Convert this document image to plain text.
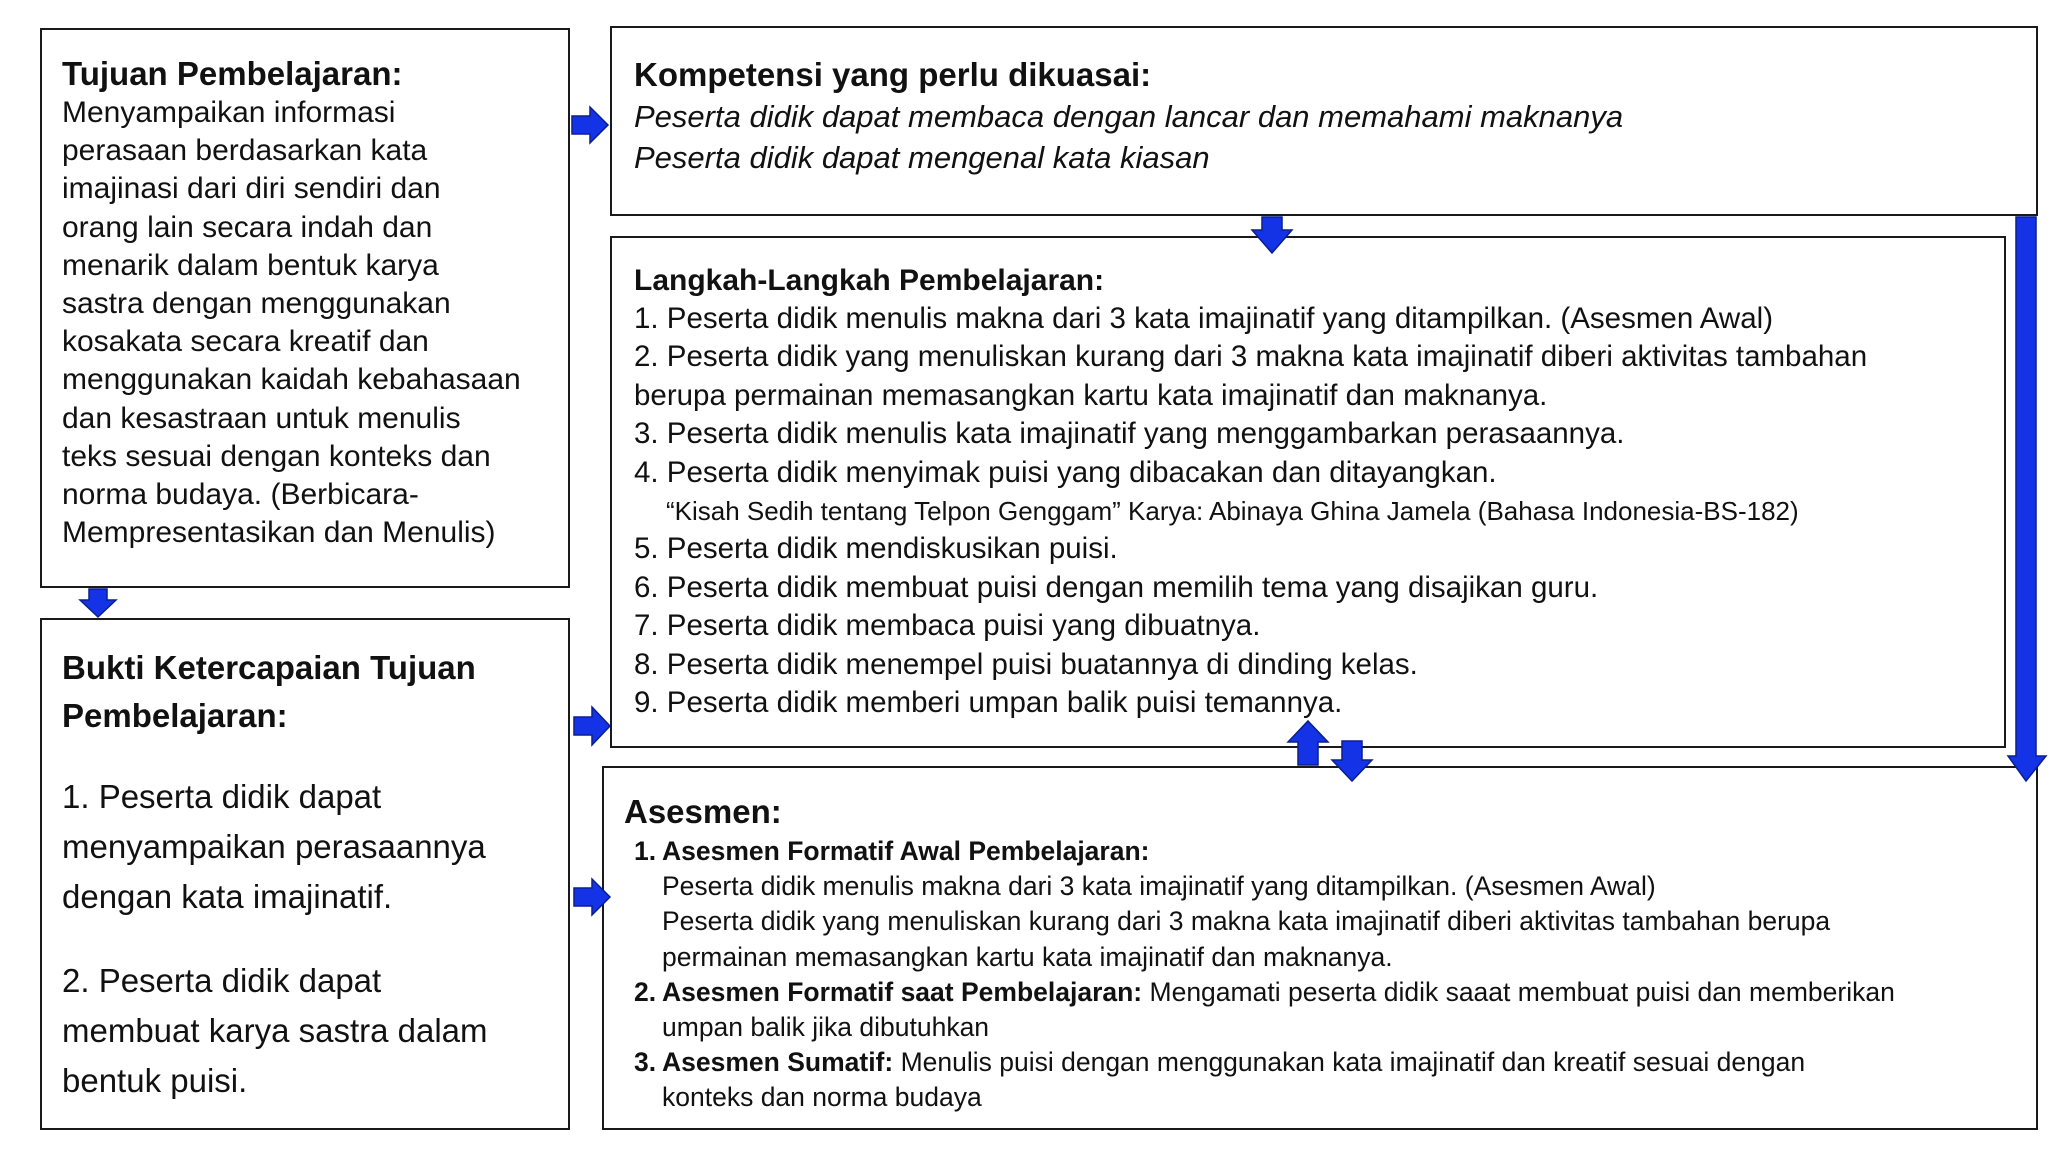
Tujuan Pembelajaran:

Menyampaikan informasi
perasaan berdasarkan kata
imajinasi dari diri sendiri dan
orang lain secara indah dan
menarik dalam bentuk karya
sastra dengan menggunakan
kosakata secara kreatif dan
menggunakan kaidah kebahasaan
dan kesastraan untuk menulis
teks sesuai dengan konteks dan
norma budaya. (Berbicara-
Mempresentasikan dan Menulis)

Bukti Ketercapaian Tujuan
Pembelajaran:

1. Peserta didik dapat
menyampaikan perasaannya
dengan kata imajinatif.

2. Peserta didik dapat
membuat karya sastra dalam
bentuk puisi.

Kompetensi yang perlu dikuasai:

Peserta didik dapat membaca dengan lancar dan memahami maknanya

Peserta didik dapat mengenal kata kiasan

Langkah-Langkah Pembelajaran:

1. Peserta didik menulis makna dari 3 kata imajinatif yang ditampilkan. (Asesmen Awal)
2. Peserta didik yang menuliskan kurang dari 3 makna kata imajinatif diberi aktivitas tambahan
berupa permainan memasangkan kartu kata imajinatif dan maknanya.
3. Peserta didik menulis kata imajinatif yang menggambarkan perasaannya.
4. Peserta didik menyimak puisi yang dibacakan dan ditayangkan.
“Kisah Sedih tentang Telpon Genggam” Karya: Abinaya Ghina Jamela (Bahasa Indonesia-BS-182)
5. Peserta didik mendiskusikan puisi.
6. Peserta didik membuat puisi dengan memilih tema yang disajikan guru.
7. Peserta didik membaca puisi yang dibuatnya.
8. Peserta didik menempel puisi buatannya di dinding kelas.
9. Peserta didik memberi umpan balik puisi temannya.

Asesmen:

1. Asesmen Formatif Awal Pembelajaran:
Peserta didik menulis makna dari 3 kata imajinatif yang ditampilkan. (Asesmen Awal)
Peserta didik yang menuliskan kurang dari 3 makna kata imajinatif diberi aktivitas tambahan berupa
permainan memasangkan kartu kata imajinatif dan maknanya.
2. Asesmen Formatif saat Pembelajaran: Mengamati peserta didik saaat membuat puisi dan memberikan
umpan balik jika dibutuhkan
3. Asesmen Sumatif: Menulis puisi dengan menggunakan kata imajinatif dan kreatif sesuai dengan
konteks dan norma budaya
